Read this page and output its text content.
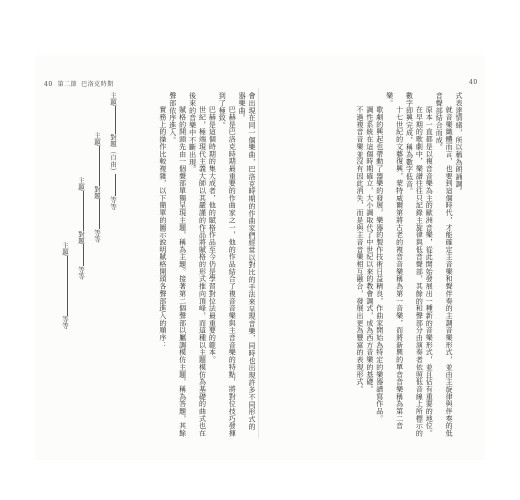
40 第二節 巴洛克時期	40

式表達情緒，所以稱為朗誦調。

就音樂織體而言，也要到這個時代，才能確定主音樂和聲伴奏的主調音樂形式，並由主旋律與伴奏的低音聲部結合而成。

原本一直都是以複音音樂為主的歐洲音樂，從此開始發展出一種新的音樂形式，並且佔有重要的地位。

在早期的歌劇中，樂譜往往只記錄主旋律與低音聲部，其餘的和聲部分由演奏者依照低音線上所標示的數字即興完成，稱為數字低音。

十七世紀的文藝復興，蒙特威爾第將古老的複音音樂稱為第一音樂，而將新興的單音音樂稱為第二音樂。

歌劇的興起也帶動了器樂的發展，樂器的製作技術日益精良，作曲家開始為特定的樂器譜寫作品。

調性系統在這個時期確立，大小調取代了中世紀以來的教會調式，成為西方音樂的基礎。

不過複音音樂並沒有因此消失，而是與主音音樂相互融合，發展出更為豐富的表現形式。

會出現在同一個樂曲，巴洛克時期的作曲家們經常以對比的手法來呈現音樂，同時也出現許多不同形式的器樂曲。

巴赫是巴洛克時期最重要的作曲家之一，他的作品結合了複音音樂與主音音樂的特點，將對位技巧發揮到了極致。

巴赫是這個時期的集大成者，他的賦格作品至今仍是學習對位法最重要的範本。

世紀，極端現代主義大師以其嚴謹的作品將賦格的形式推向頂峰，而這種以主題模仿為基礎的曲式也在後來的音樂中不斷出現。

賦格的開頭先由一個聲部單獨呈現主題，稱為主題。接著第二個聲部以屬調模仿主題，稱為答題，其餘聲部依序進入。

實務上的操作比較複雜，以下簡單的圖示說明賦格開頭各聲部進入的順序：

主題對題（自由）等等
主題對題等等
主題對題等等
主題等等
